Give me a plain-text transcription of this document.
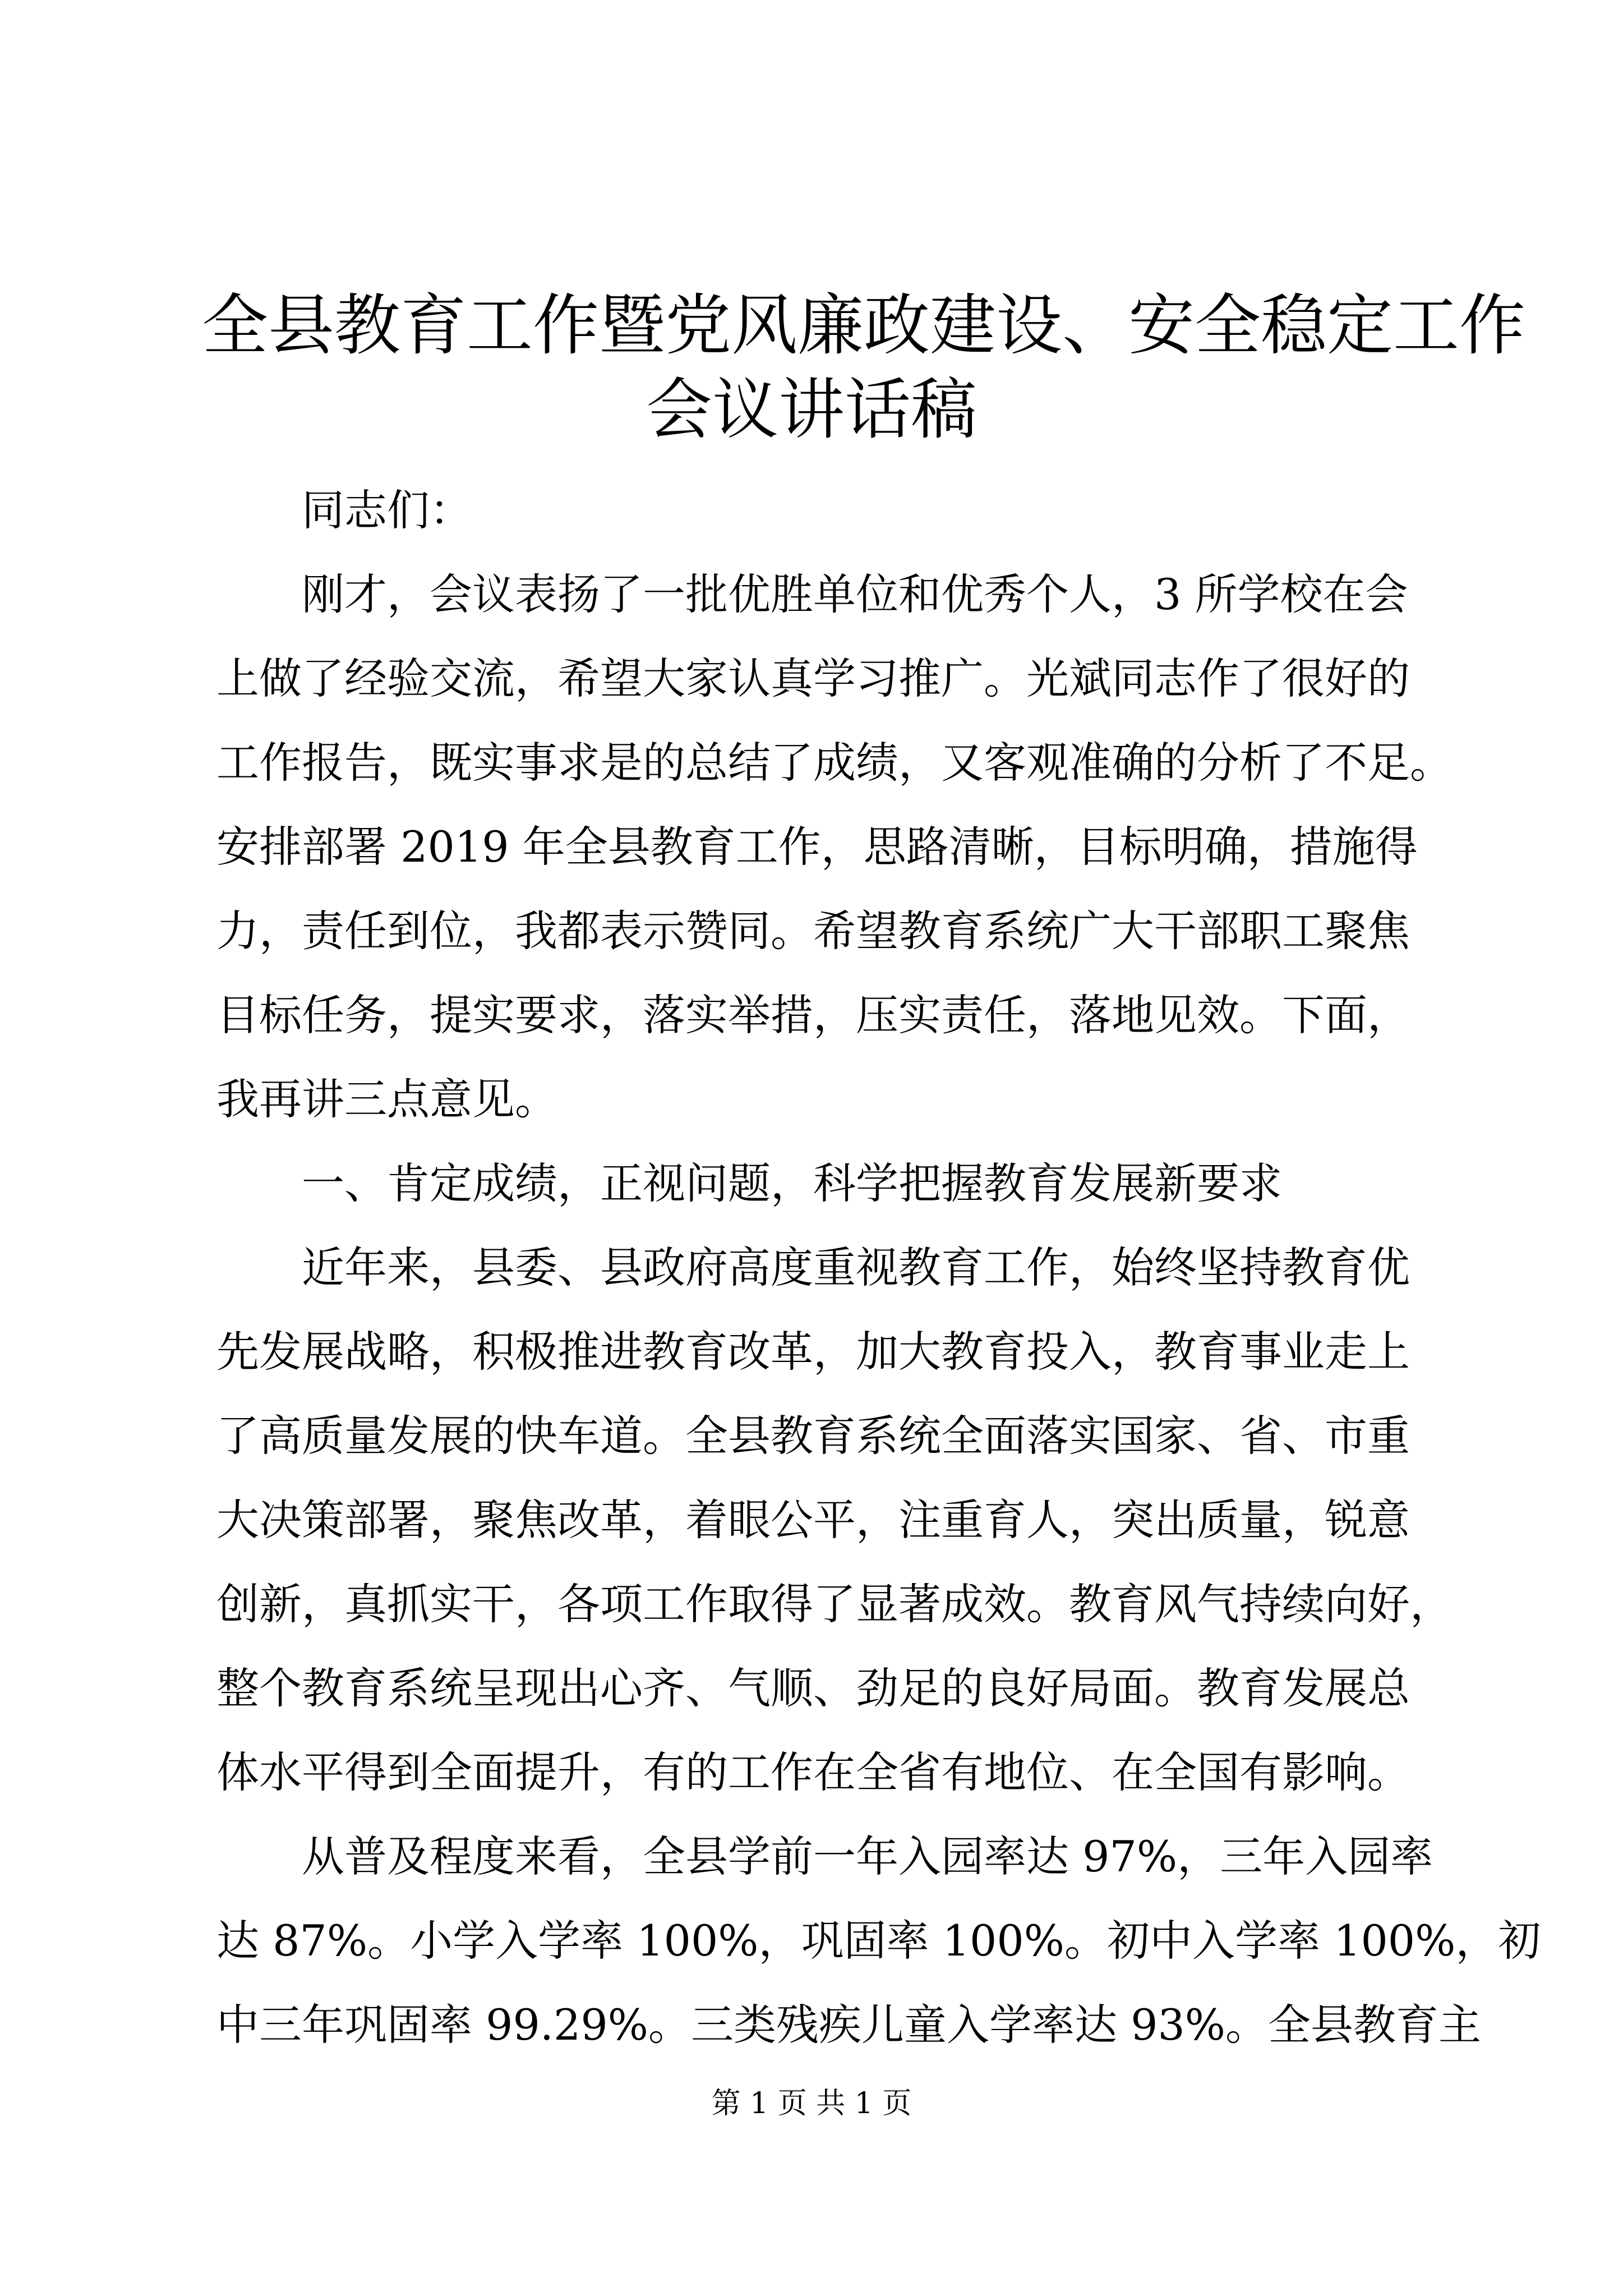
全县教育工作暨党风廉政建设、安全稳定工作
会议讲话稿
同志们：
刚才，会议表扬了一批优胜单位和优秀个人，3 所学校在会
上做了经验交流，希望大家认真学习推广。光斌同志作了很好的
工作报告，既实事求是的总结了成绩，又客观准确的分析了不足。
安排部署 2019 年全县教育工作，思路清晰，目标明确，措施得
力，责任到位，我都表示赞同。希望教育系统广大干部职工聚焦
目标任务，提实要求，落实举措，压实责任，落地见效。下面，
我再讲三点意见。
一、肯定成绩，正视问题，科学把握教育发展新要求
近年来，县委、县政府高度重视教育工作，始终坚持教育优
先发展战略，积极推进教育改革，加大教育投入，教育事业走上
了高质量发展的快车道。全县教育系统全面落实国家、省、市重
大决策部署，聚焦改革，着眼公平，注重育人，突出质量，锐意
创新，真抓实干，各项工作取得了显著成效。教育风气持续向好，
整个教育系统呈现出心齐、气顺、劲足的良好局面。教育发展总
体水平得到全面提升，有的工作在全省有地位、在全国有影响。
从普及程度来看，全县学前一年入园率达 97%，三年入园率
达 87%。小学入学率 100%，巩固率 100%。初中入学率 100%，初
中三年巩固率 99.29%。三类残疾儿童入学率达 93%。全县教育主
第 1 页 共 1 页
